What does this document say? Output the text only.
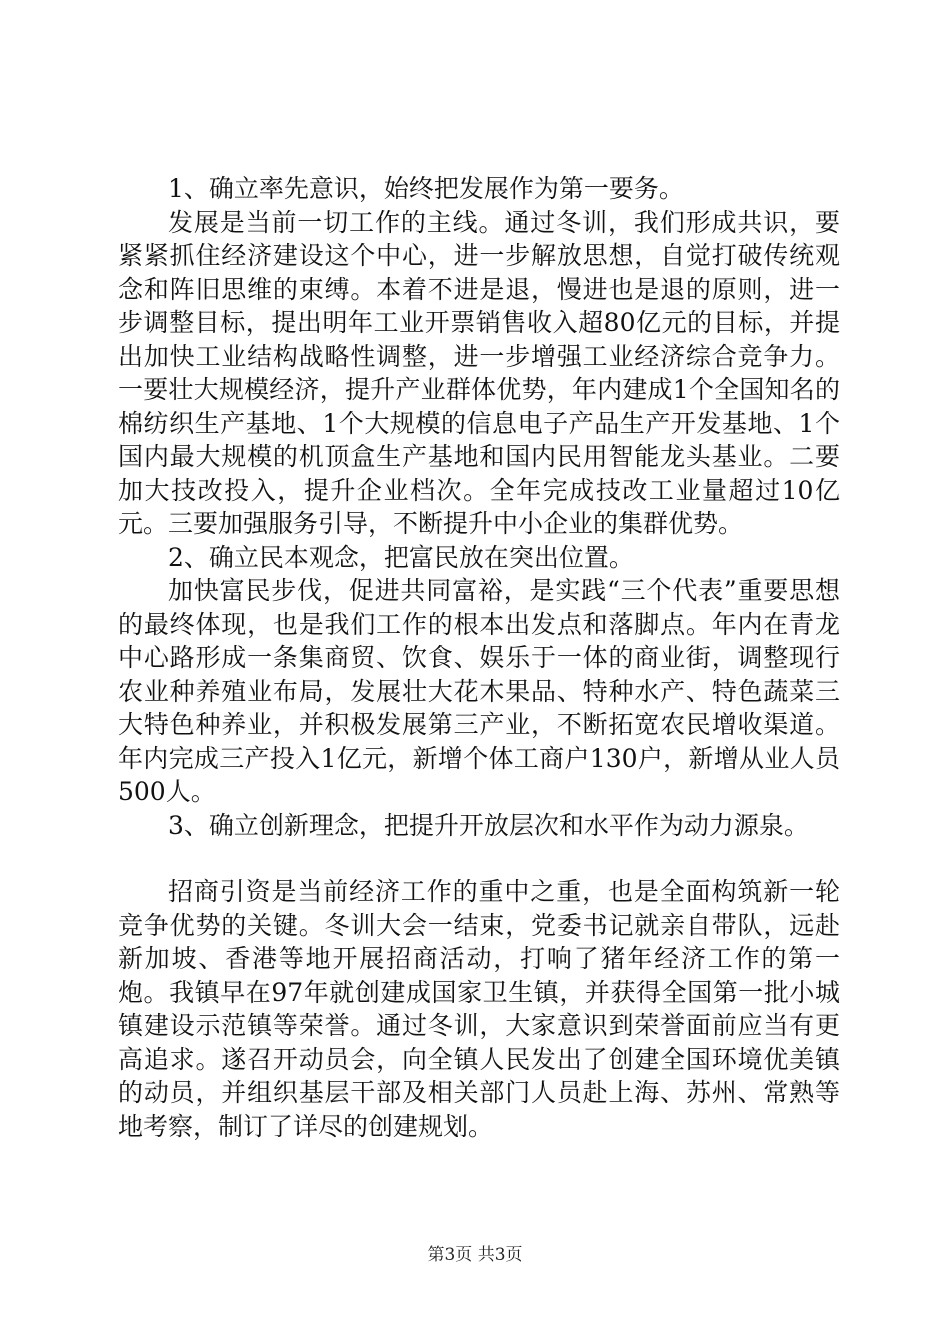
1、确立率先意识，始终把发展作为第一要务。

发展是当前一切工作的主线。通过冬训，我们形成共识，要紧紧抓住经济建设这个中心，进一步解放思想，自觉打破传统观念和阵旧思维的束缚。本着不进是退，慢进也是退的原则，进一步调整目标，提出明年工业开票销售收入超80亿元的目标，并提出加快工业结构战略性调整，进一步增强工业经济综合竞争力。一要壮大规模经济，提升产业群体优势，年内建成1个全国知名的棉纺织生产基地、1个大规模的信息电子产品生产开发基地、1个国内最大规模的机顶盒生产基地和国内民用智能龙头基业。二要加大技改投入，提升企业档次。全年完成技改工业量超过10亿元。三要加强服务引导，不断提升中小企业的集群优势。

2、确立民本观念，把富民放在突出位置。

加快富民步伐，促进共同富裕，是实践“三个代表”重要思想的最终体现，也是我们工作的根本出发点和落脚点。年内在青龙中心路形成一条集商贸、饮食、娱乐于一体的商业街，调整现行农业种养殖业布局，发展壮大花木果品、特种水产、特色蔬菜三大特色种养业，并积极发展第三产业，不断拓宽农民增收渠道。年内完成三产投入1亿元，新增个体工商户130户，新增从业人员500人。

3、确立创新理念，把提升开放层次和水平作为动力源泉。

招商引资是当前经济工作的重中之重，也是全面构筑新一轮竞争优势的关键。冬训大会一结束，党委书记就亲自带队，远赴新加坡、香港等地开展招商活动，打响了猪年经济工作的第一炮。我镇早在97年就创建成国家卫生镇，并获得全国第一批小城镇建设示范镇等荣誉。通过冬训，大家意识到荣誉面前应当有更高追求。遂召开动员会，向全镇人民发出了创建全国环境优美镇的动员，并组织基层干部及相关部门人员赴上海、苏州、常熟等地考察，制订了详尽的创建规划。

第3页 共3页
